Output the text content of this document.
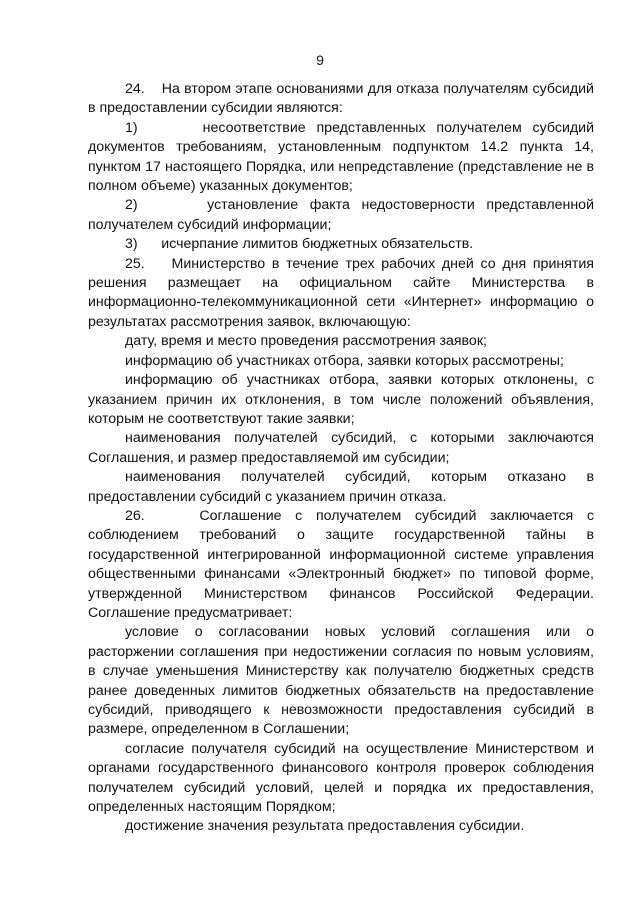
9

24.    На втором этапе основаниями для отказа получателям субсидий в предоставлении субсидии являются:

1)      несоответствие представленных получателем субсидий документов требованиям, установленным подпунктом 14.2 пункта 14, пунктом 17 настоящего Порядка, или непредставление (представление не в полном объеме) указанных документов;

2)      установление факта недостоверности представленной получателем субсидий информации;

3)      исчерпание лимитов бюджетных обязательств.

25.    Министерство в течение трех рабочих дней со дня принятия решения размещает на официальном сайте Министерства в информационно-телекоммуникационной сети «Интернет» информацию о результатах рассмотрения заявок, включающую:

дату, время и место проведения рассмотрения заявок;

информацию об участниках отбора, заявки которых рассмотрены;

информацию об участниках отбора, заявки которых отклонены, с указанием причин их отклонения, в том числе положений объявления, которым не соответствуют такие заявки;

наименования получателей субсидий, с которыми заключаются Соглашения, и размер предоставляемой им субсидии;

наименования получателей субсидий, которым отказано в предоставлении субсидий с указанием причин отказа.

26.    Соглашение с получателем субсидий заключается с соблюдением требований о защите государственной тайны в государственной интегрированной информационной системе управления общественными финансами «Электронный бюджет» по типовой форме, утвержденной Министерством финансов Российской Федерации. Соглашение предусматривает:

условие о согласовании новых условий соглашения или о расторжении соглашения при недостижении согласия по новым условиям, в случае уменьшения Министерству как получателю бюджетных средств ранее доведенных лимитов бюджетных обязательств на предоставление субсидий, приводящего к невозможности предоставления субсидий в размере, определенном в Соглашении;

согласие получателя субсидий на осуществление Министерством и органами государственного финансового контроля проверок соблюдения получателем субсидий условий, целей и порядка их предоставления, определенных настоящим Порядком;

достижение значения результата предоставления субсидии.
